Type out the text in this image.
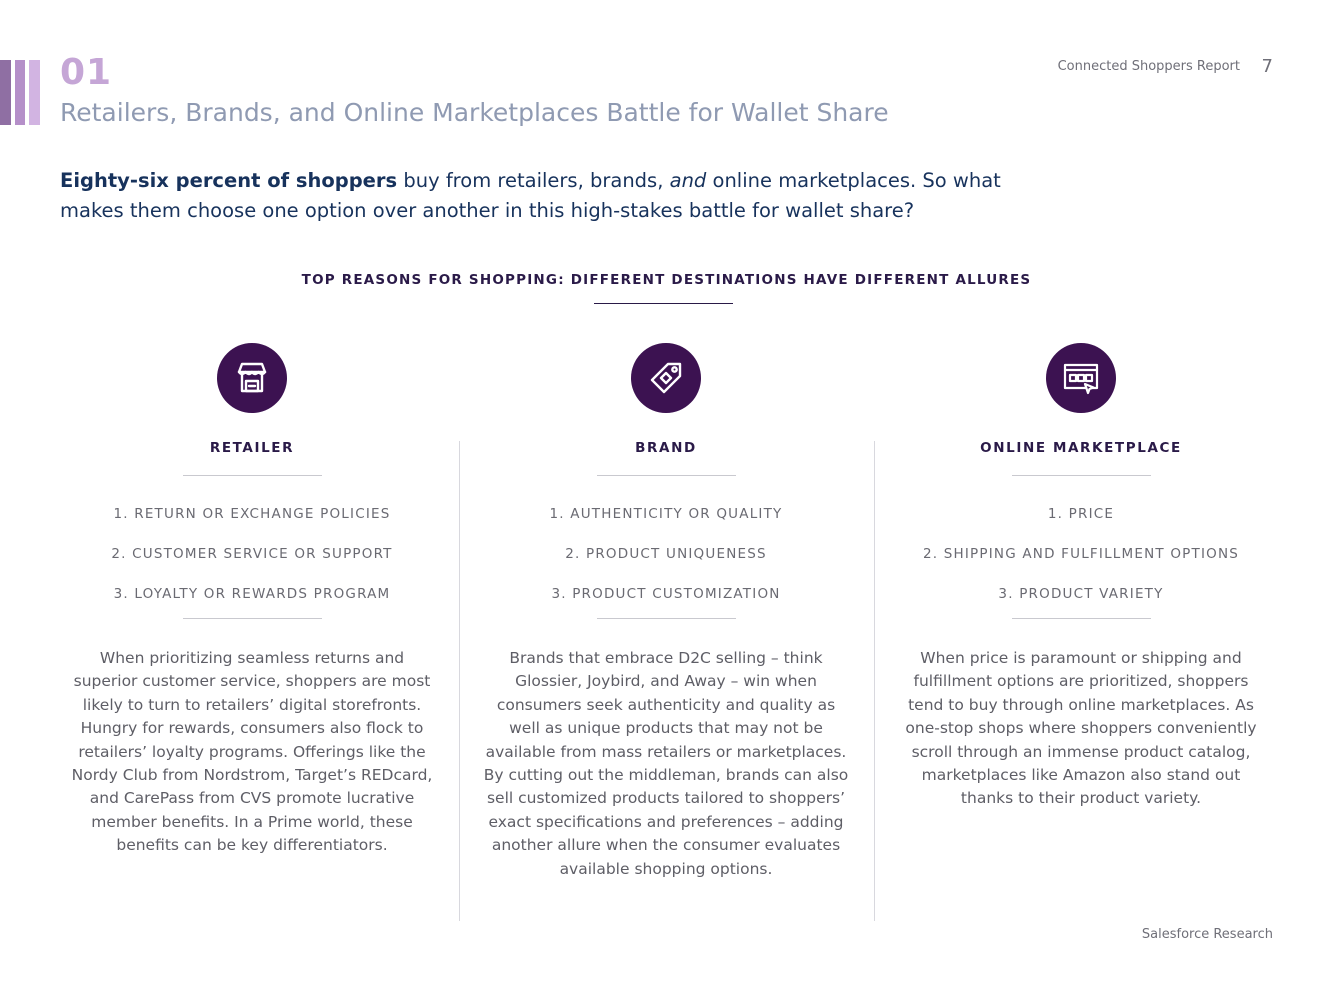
01
Retailers, Brands, and Online Marketplaces Battle for Wallet Share
Connected Shoppers Report 7

Eighty-six percent of shoppers buy from retailers, brands, and online marketplaces. So what makes them choose one option over another in this high-stakes battle for wallet share?

TOP REASONS FOR SHOPPING: DIFFERENT DESTINATIONS HAVE DIFFERENT ALLURES
RETAILER
1. RETURN OR EXCHANGE POLICIES
2. CUSTOMER SERVICE OR SUPPORT
3. LOYALTY OR REWARDS PROGRAM
When prioritizing seamless returns and superior customer service, shoppers are most likely to turn to retailers’ digital storefronts. Hungry for rewards, consumers also flock to retailers’ loyalty programs. Offerings like the Nordy Club from Nordstrom, Target’s REDcard, and CarePass from CVS promote lucrative member benefits. In a Prime world, these benefits can be key differentiators.
BRAND
1. AUTHENTICITY OR QUALITY
2. PRODUCT UNIQUENESS
3. PRODUCT CUSTOMIZATION
Brands that embrace D2C selling – think Glossier, Joybird, and Away – win when consumers seek authenticity and quality as well as unique products that may not be available from mass retailers or marketplaces. By cutting out the middleman, brands can also sell customized products tailored to shoppers’ exact specifications and preferences – adding another allure when the consumer evaluates available shopping options.
ONLINE MARKETPLACE
1. PRICE
2. SHIPPING AND FULFILLMENT OPTIONS
3. PRODUCT VARIETY
When price is paramount or shipping and fulfillment options are prioritized, shoppers tend to buy through online marketplaces. As one-stop shops where shoppers conveniently scroll through an immense product catalog, marketplaces like Amazon also stand out thanks to their product variety.
Salesforce Research
